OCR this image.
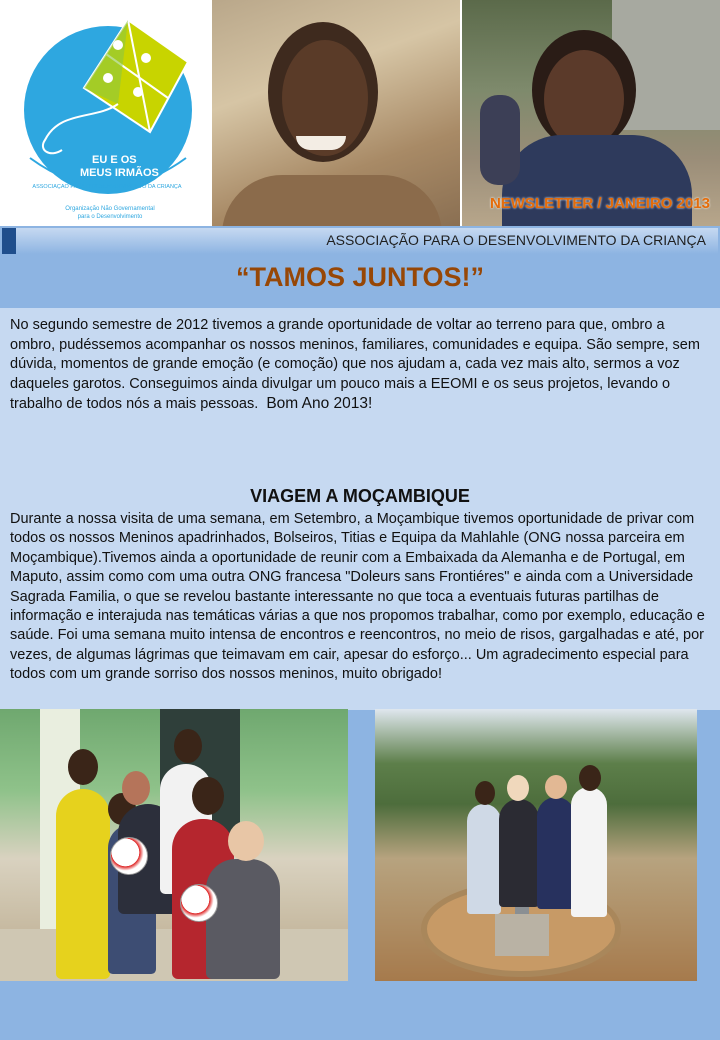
EU E OS
MEUS IRMÃOS
ASSOCIAÇÃO PARA O DESENVOLVIMENTO DA CRIANÇA
Organização Não Governamental
para o Desenvolvimento
NEWSLETTER / JANEIRO 2013
ASSOCIAÇÃO PARA O DESENVOLVIMENTO DA CRIANÇA
“TAMOS JUNTOS!”

No segundo semestre de 2012 tivemos a grande oportunidade de voltar ao terreno para que, ombro a ombro, pudéssemos acompanhar os nossos meninos, familiares, comunidades e equipa. São sempre, sem dúvida, momentos de grande emoção (e comoção) que nos ajudam a, cada vez mais alto, sermos a voz daqueles garotos. Conseguimos ainda divulgar um pouco mais a EEOMI e os seus projetos, levando o trabalho de todos nós a mais pessoas. Bom Ano 2013!

VIAGEM A MOÇAMBIQUE
Durante a nossa visita de uma semana, em Setembro, a Moçambique tivemos oportunidade de privar com todos os nossos Meninos apadrinhados, Bolseiros, Titias e Equipa da Mahlahle (ONG nossa parceira em Moçambique).Tivemos ainda a oportunidade de reunir com a Embaixada da Alemanha e de Portugal, em Maputo, assim como com uma outra ONG francesa "Doleurs sans Frontiéres" e ainda com a Universidade Sagrada Familia, o que se revelou bastante interessante no que toca a eventuais futuras partilhas de informação e interajuda nas temáticas várias a que nos propomos trabalhar, como por exemplo, educação e saúde. Foi uma semana muito intensa de encontros e reencontros, no meio de risos, gargalhadas e até, por vezes, de algumas lágrimas que teimavam em cair, apesar do esforço... Um agradecimento especial para todos com um grande sorriso dos nossos meninos, muito obrigado!
